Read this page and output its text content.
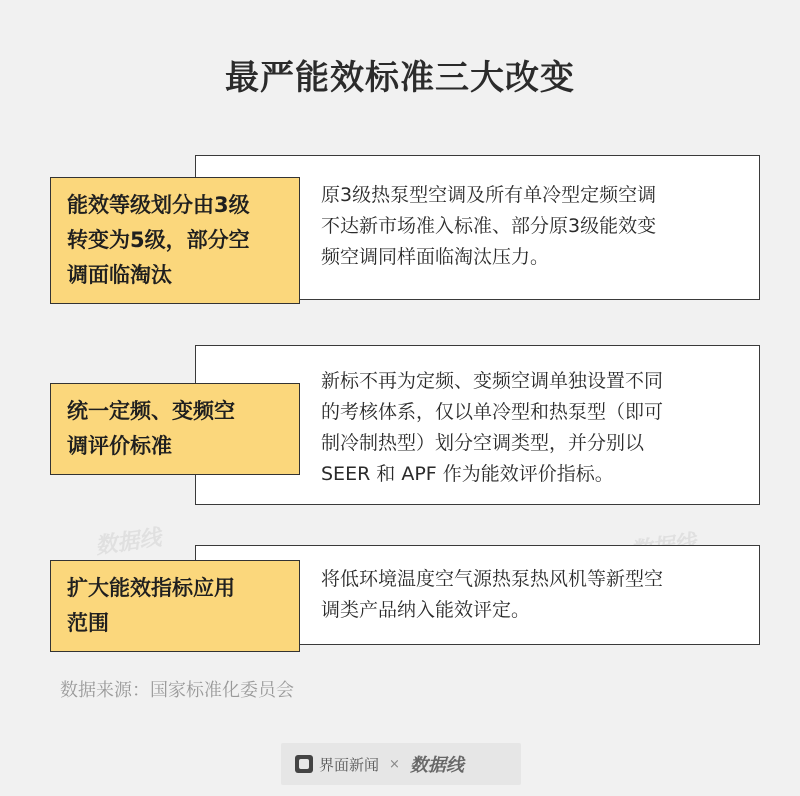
最严能效标准三大改变
数据线
原3级热泵型空调及所有单冷型定频空调
不达新市场准入标准、部分原3级能效变
频空调同样面临淘汰压力。
能效等级划分由3级
转变为5级，部分空
调面临淘汰
新标不再为定频、变频空调单独设置不同
的考核体系，仅以单冷型和热泵型（即可
制冷制热型）划分空调类型，并分别以
SEER 和 APF 作为能效评价指标。
统一定频、变频空
调评价标准
将低环境温度空气源热泵热风机等新型空
调类产品纳入能效评定。
扩大能效指标应用
范围
数据来源：国家标准化委员会
界面新闻 × 数据线
